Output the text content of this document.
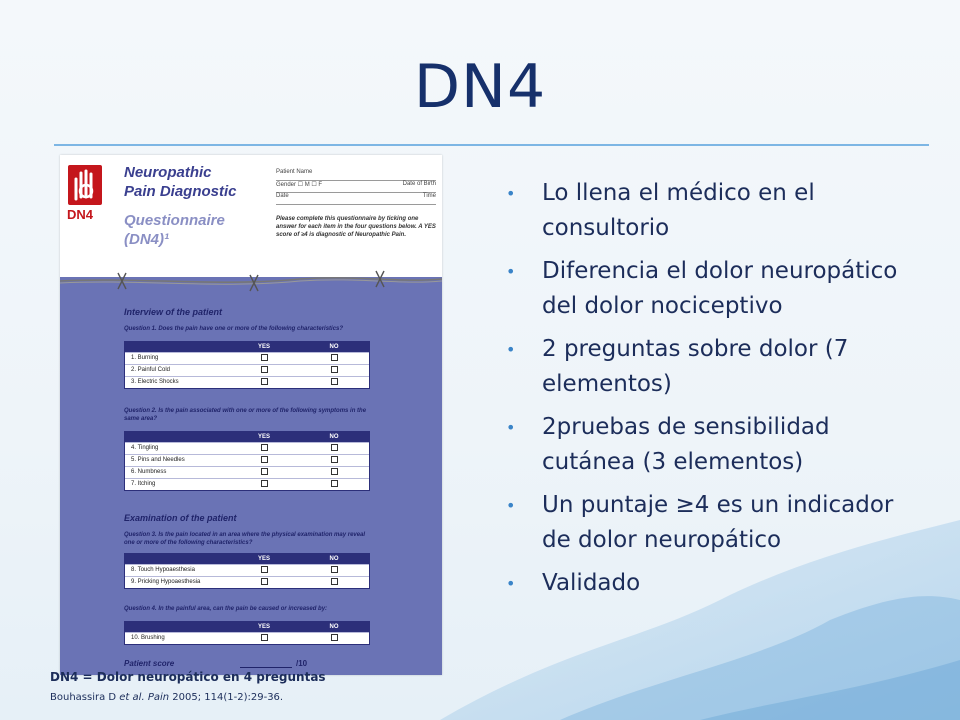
DN4
DN4
Neuropathic
Pain Diagnostic
Questionnaire
(DN4)¹
Patient Name
Gender ☐ M ☐ F	Date of Birth
Date	Time
Please complete this questionnaire by ticking one answer for each item in the four questions below. A YES score of ≥4 is diagnostic of Neuropathic Pain.
Interview of the patient
Question 1. Does the pain have one or more of the following characteristics?
YES	NO
1. Burning
2. Painful Cold
3. Electric Shocks
Question 2. Is the pain associated with one or more of the following symptoms in the same area?
YES	NO
4. Tingling
5. Pins and Needles
6. Numbness
7. Itching
Examination of the patient
Question 3. Is the pain located in an area where the physical examination may reveal one or more of the following characteristics?
YES	NO
8. Touch Hypoaesthesia
9. Pricking Hypoaesthesia
Question 4. In the painful area, can the pain be caused or increased by:
YES	NO
10. Brushing
Patient score	/10
• Lo llena el médico en el consultorio
• Diferencia el dolor neuropático del dolor nociceptivo
• 2 preguntas sobre dolor (7 elementos)
• 2pruebas de sensibilidad cutánea (3 elementos)
• Un puntaje ≥4 es un indicador de dolor neuropático
• Validado
DN4 = Dolor neuropático en 4 preguntas
Bouhassira D et al. Pain 2005; 114(1-2):29-36.
